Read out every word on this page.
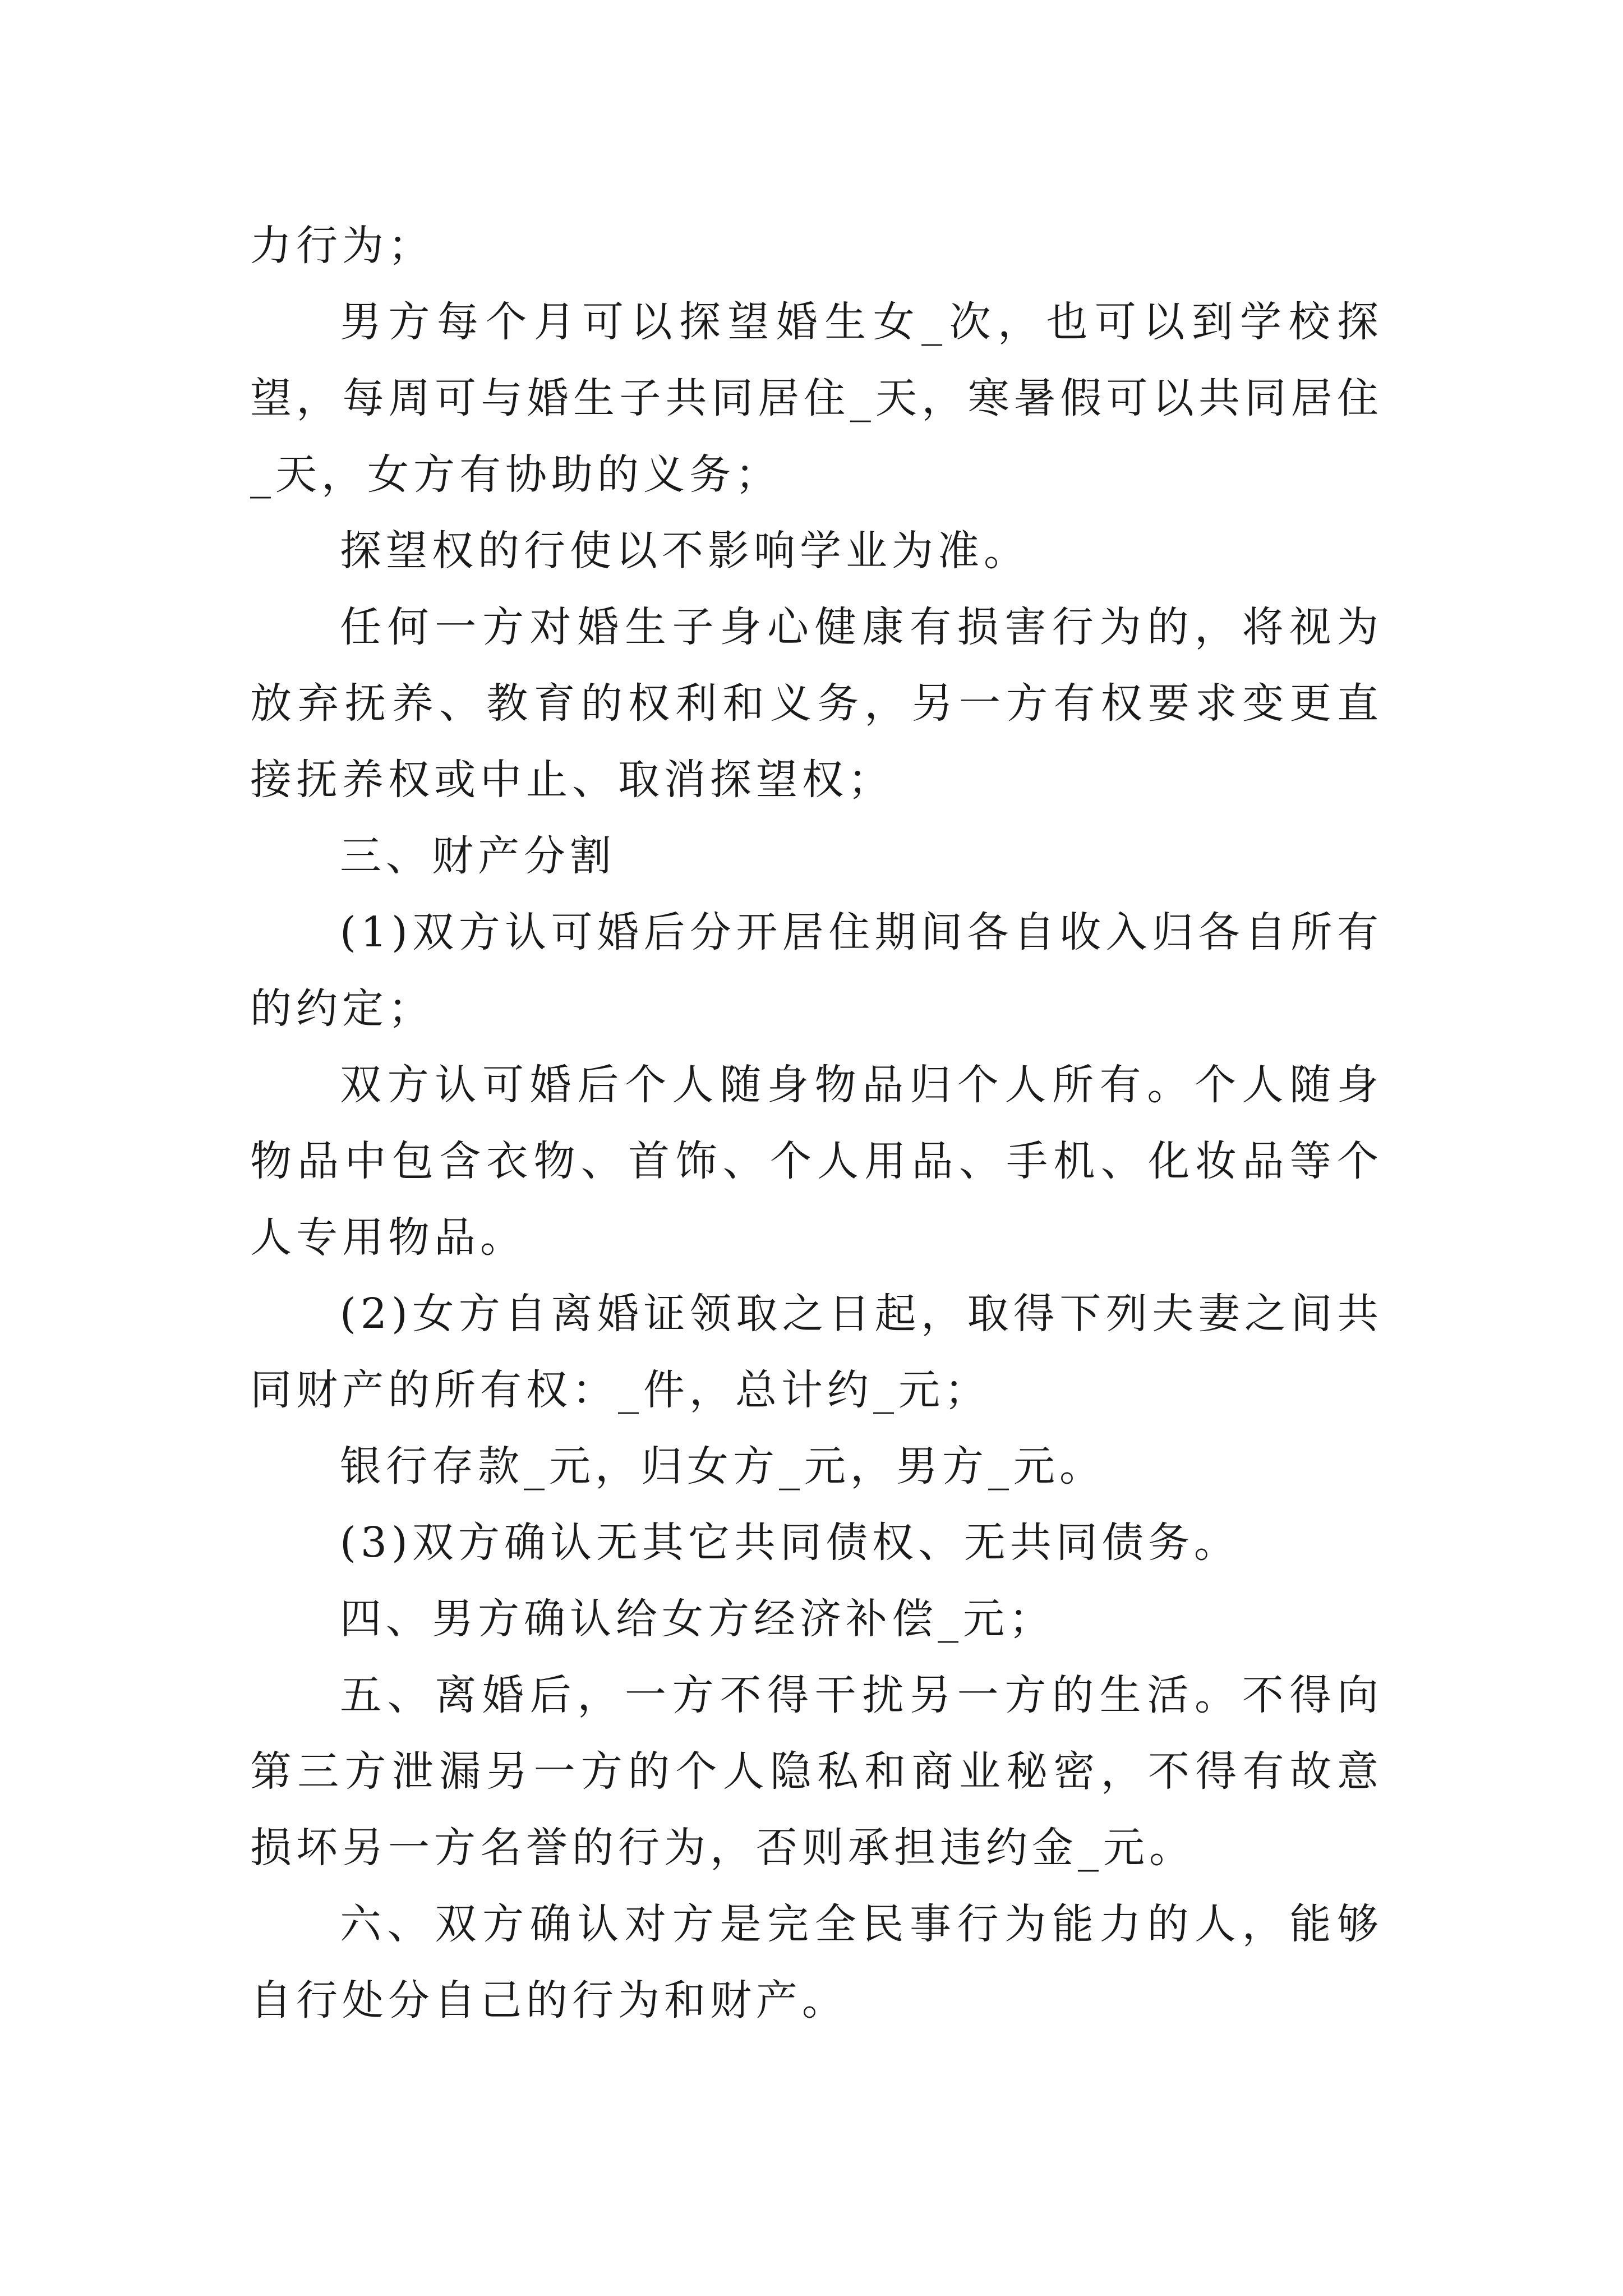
力行为；

男方每个月可以探望婚生女_次，也可以到学校探望，每周可与婚生子共同居住_天，寒暑假可以共同居住_天，女方有协助的义务；

探望权的行使以不影响学业为准。

任何一方对婚生子身心健康有损害行为的，将视为放弃抚养、教育的权利和义务，另一方有权要求变更直接抚养权或中止、取消探望权；

三、财产分割

(1)双方认可婚后分开居住期间各自收入归各自所有的约定；

双方认可婚后个人随身物品归个人所有。个人随身物品中包含衣物、首饰、个人用品、手机、化妆品等个人专用物品。

(2)女方自离婚证领取之日起，取得下列夫妻之间共同财产的所有权：_件，总计约_元；

银行存款_元，归女方_元，男方_元。

(3)双方确认无其它共同债权、无共同债务。

四、男方确认给女方经济补偿_元；

五、离婚后，一方不得干扰另一方的生活。不得向第三方泄漏另一方的个人隐私和商业秘密，不得有故意损坏另一方名誉的行为，否则承担违约金_元。

六、双方确认对方是完全民事行为能力的人，能够自行处分自己的行为和财产。
